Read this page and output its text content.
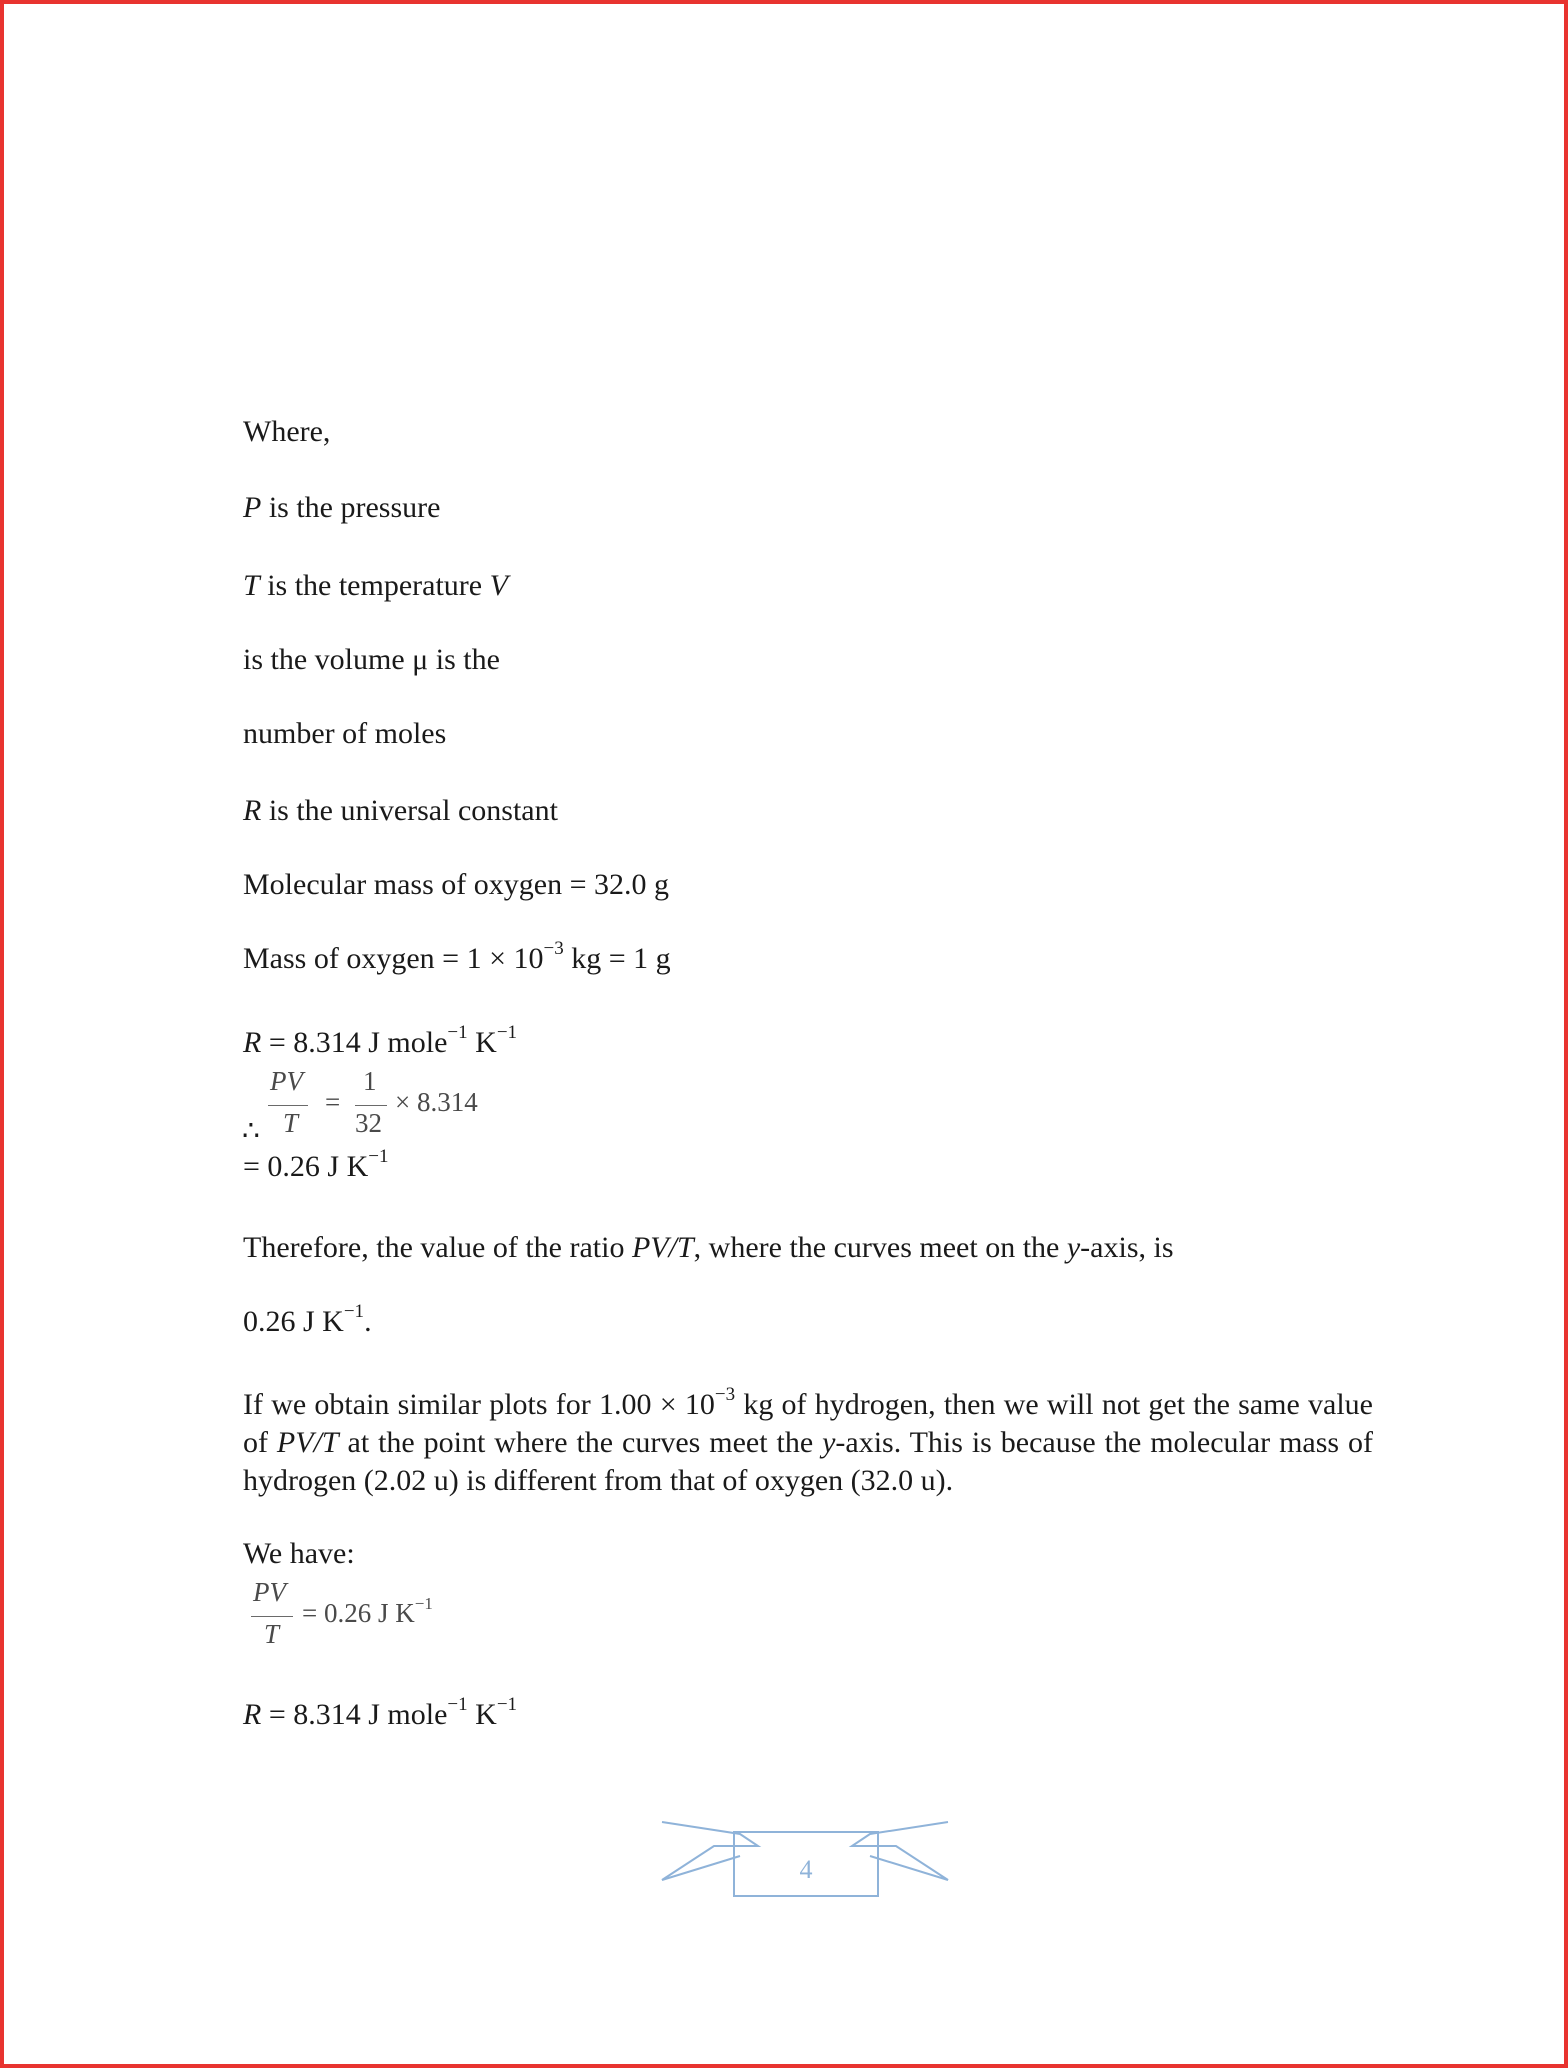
Where,
P is the pressure
T is the temperature V
is the volume μ is the
number of moles
R is the universal constant
Molecular mass of oxygen = 32.0 g
Mass of oxygen = $1 \times 10^{-3}$ kg = 1 g
R = 8.314 J mole$^{-1}$ $K^{-1}$
PV
T
=
1
32
× 8.314
∴
= 0.26 J $K^{-1}$
Therefore, the value of the ratio PV/T, where the curves meet on the y-axis, is
0.26 J $K^{-1}$.
If we obtain similar plots for $1.00 \times 10^{-3}$ kg of hydrogen, then we will not get the same value of PV/T at the point where the curves meet the y-axis. This is because the molecular mass of hydrogen (2.02 u) is different from that of oxygen (32.0 u).
We have:
PV
T
= 0.26 J $K^{-1}$
R = 8.314 J mole$^{-1}$ $K^{-1}$
4
